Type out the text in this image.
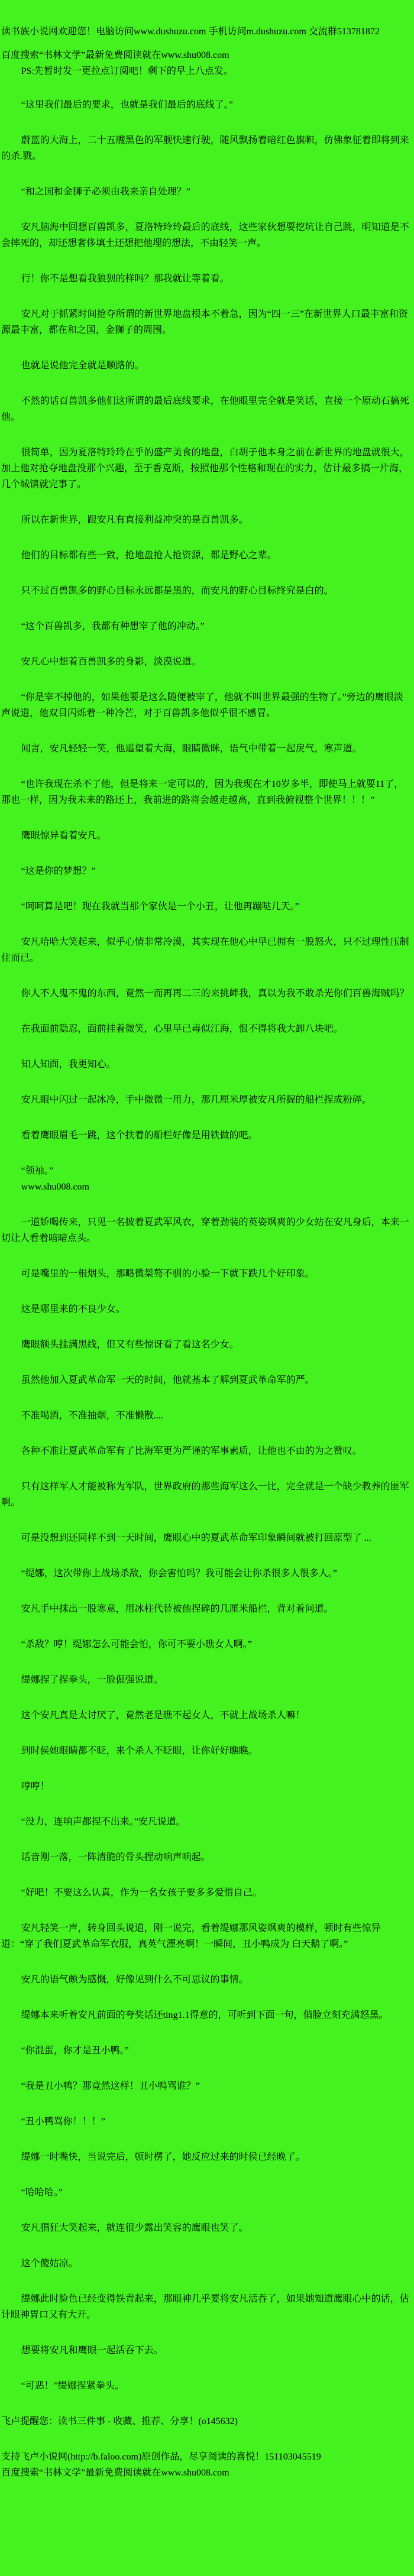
读书族小说网欢迎您！电脑访问www.dushuzu.com 手机访问m.dushuzu.com 交流群513781872

百度搜索“书林文学”最新免费阅读就在www.shu008.com

PS:先暂时发一更拉点订阅吧！剩下的早上八点发。

“这里我们最后的要求，也就是我们最后的底线了。”

蔚蓝的大海上，二十五艘黑色的军舰快速行驶，随风飘扬着暗红色旗帜，仿佛象征着即将到来的杀.戮。

“和之国和金狮子必须由我来亲自处理？”

安凡脑海中回想百兽凯多，夏洛特玲玲最后的底线，这些家伙想要挖坑让自己跳，明知道是不会摔死的，却还想奢侈填土还想把他埋的想法，不由轻笑一声。

行！你不是想看我狼狈的样吗？那我就让等着看。

安凡对于抓紧时间抢夺所谓的新世界地盘根本不着急，因为“四一三”在新世界人口最丰富和资源最丰富，都在和之国，金狮子的周围。

也就是说他完全就是顺路的。

不然的话百兽凯多他们这所谓的最后底线要求，在他眼里完全就是笑话，直接一个原动石搞死他。

很简单，因为夏洛特玲玲在乎的盛产美食的地盘，白胡子他本身之前在新世界的地盘就很大，加上他对抢夺地盘没那个兴趣，至于香克斯，按照他那个性格和现在的实力，估计最多搞一片海，几个城镇就完事了。

所以在新世界，跟安凡有直接利益冲突的是百兽凯多。

他们的目标都有些一致，抢地盘抢人抢资源，都是野心之辈。

只不过百兽凯多的野心目标永远都是黑的，而安凡的野心目标终究是白的。

“这个百兽凯多，我都有种想宰了他的冲动。”

安凡心中想着百兽凯多的身影，淡漠说道。

“你是宰不掉他的，如果他要是这么随便被宰了，他就不叫世界最强的生物了。”旁边的鹰眼淡声说道，他双目闪烁着一种冷芒，对于百兽凯多他似乎很不感冒。

闻言，安凡轻轻一笑，他遥望着大海，眼睛微眯，语气中带着一起戾气，寒声道。

“也许我现在杀不了他，但是将来一定可以的，因为我现在才10岁多半，即使马上就要11了，那也一样，因为我未来的路还上，我前进的路将会越走越高，直到我俯视整个世界！！！”

鹰眼惊异看着安凡。

“这是你的梦想？”

“呵呵算是吧！现在我就当那个家伙是一个小丑，让他再蹦哒几天。”

安凡哈哈大笑起来，似乎心情非常冷漠，其实现在他心中早已拥有一股怒火，只不过理性压制住而已。

你人不人鬼不鬼的东西，竟然一而再再二三的来挑衅我，真以为我不敢杀光你们百兽海贼吗？

在我面前隐忍，面前挂着微笑，心里早已毒似江海，恨不得将我大卸八块吧。

知人知面，我更知心。

安凡眼中闪过一起冰冷，手中微微一用力，那几厘米厚被安凡所握的船栏捏成粉碎。

看着鹰眼眉毛一跳，这个扶着的船栏好像是用铁做的吧。

“领袖。”

www.shu008.com

一道娇喝传来，只见一名披着夏武军风衣，穿着劲装的英姿飒爽的少女站在安凡身后，本来一切让人看着暗暗点头。

可是嘴里的一根烟头，那略微桀骜不驯的小脸一下就下跌几个好印象。

这是哪里来的不良少女。

鹰眼额头挂满黑线，但又有些惊讶看了看这名少女。

虽然他加入夏武革命军一天的时间，他就基本了解到夏武革命军的严。

不准喝酒，不准抽烟，不准懒散....

各种不准让夏武革命军有了比海军更为严谨的军事素质，让他也不由的为之赞叹。

只有这样军人才能被称为军队，世界政府的那些海军这么一比，完全就是一个缺少教养的匪军啊。

可是没想到还同样不到一天时间，鹰眼心中的夏武革命军印象瞬间就被打回原型了 ...

“缇娜，这次带你上战场杀敌，你会害怕吗？我可能会让你杀很多人很多人。”

安凡手中抹出一股寒意，用冰柱代替被他捏碎的几厘米船栏，背对着问道。

“杀敌？哼！缇娜怎么可能会怕，你可不要小瞧女人啊。”

缇娜捏了捏拳头，一脸倔强说道。

这个安凡真是太讨厌了，竟然老是瞧不起女人，不就上战场杀人嘛！

到时侯她眼睛都不眨，来个杀人不眨眼，让你好好瞧瞧。

哼哼！

“没力，连响声都捏不出来。”安凡说道。

话音刚一落，一阵清脆的骨头捏动响声响起。

“好吧！不要这么认真，作为一名女孩子要多多爱惜自己。

安凡轻笑一声，转身回头说道，刚一说完，看着缇娜那风姿飒爽的模样，顿时有些惊异道：“穿了我们夏武革命军衣服，真英气漂亮啊！一瞬间，丑小鸭成为 白天鹅了啊。”

安凡的语气颇为感慨，好像见到什么不可思议的事情。

缇娜本来听着安凡前面的夸奖话还ting1.1得意的，可听到下面一句，俏脸立刻充满怒黑。

“你混蛋，你才是丑小鸭。”

“我是丑小鸭？那竟然这样！丑小鸭骂谁？”

“丑小鸭骂你！！！”

缇娜一时嘴快，当说完后，顿时楞了，她反应过来的时侯已经晚了。

“哈哈哈。”

安凡猖狂大笑起来，就连很少露出笑容的鹰眼也笑了。

这个傻姑凉。

缇娜此时脸色已经变得铁青起来，那眼神几乎要将安凡活吞了，如果她知道鹰眼心中的话，估计眼神胃口又有大开。

想要将安凡和鹰眼一起活吞下去。

“可恶！”缇娜捏紧拳头。

飞卢提醒您：读书三件事 - 收藏、推荐、分享！(o145632)

支持飞卢小说网(http://b.faloo.com)原创作品，尽享阅读的喜悦！151103045519

百度搜索“书林文学”最新免费阅读就在www.shu008.com
